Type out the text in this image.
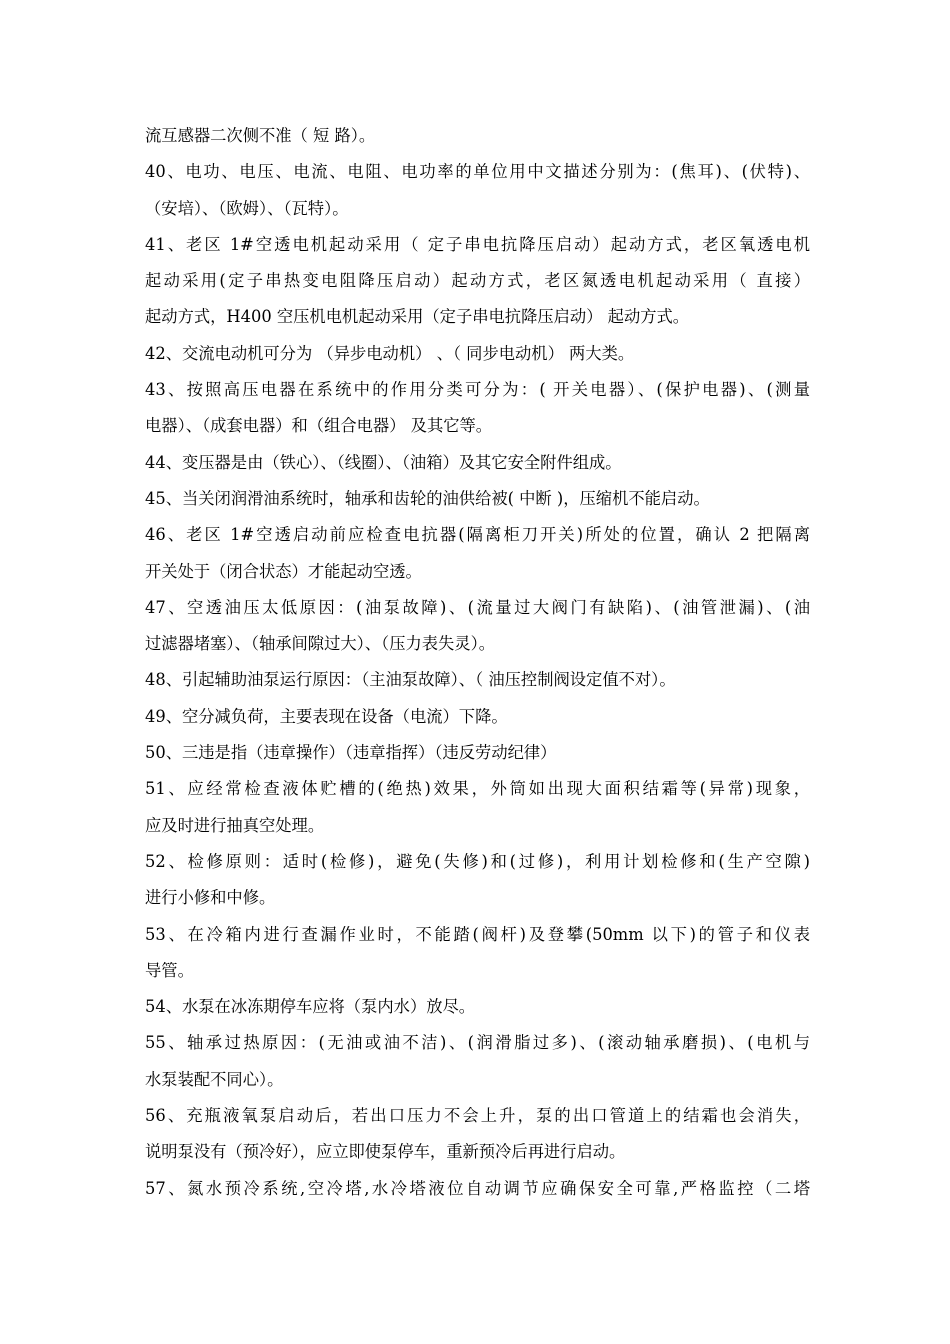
流互感器二次侧不准（ 短 路）。
40、电功、电压、电流、电阻、电功率的单位用中文描述分别为：(焦耳)、(伏特)、
（安培）、（欧姆）、（瓦特）。
41、老区 1#空透电机起动采用（ 定子串电抗降压启动）起动方式，老区氧透电机
起动采用(定子串热变电阻降压启动）起动方式，老区氮透电机起动采用（ 直接）
起动方式，H400 空压机电机起动采用（定子串电抗降压启动） 起动方式。
42、交流电动机可分为 （异步电动机） 、（ 同步电动机） 两大类。
43、按照高压电器在系统中的作用分类可分为：( 开关电器）、(保护电器)、(测量
电器）、（成套电器）和（组合电器） 及其它等。
44、变压器是由（铁心）、（线圈）、（油箱）及其它安全附件组成。
45、当关闭润滑油系统时，轴承和齿轮的油供给被( 中断 )，压缩机不能启动。
46、老区 1#空透启动前应检查电抗器(隔离柜刀开关)所处的位置，确认 2 把隔离
开关处于（闭合状态）才能起动空透。
47、空透油压太低原因：(油泵故障)、(流量过大阀门有缺陷)、(油管泄漏)、(油
过滤器堵塞）、（轴承间隙过大）、（压力表失灵）。
48、引起辅助油泵运行原因：（主油泵故障）、（ 油压控制阀设定值不对）。
49、空分减负荷，主要表现在设备（电流）下降。
50、三违是指（违章操作）（违章指挥）（违反劳动纪律）
51、应经常检查液体贮槽的(绝热)效果，外筒如出现大面积结霜等(异常)现象，
应及时进行抽真空处理。
52、检修原则：适时(检修)，避免(失修)和(过修)，利用计划检修和(生产空隙)
进行小修和中修。
53、在冷箱内进行查漏作业时，不能踏(阀杆)及登攀(50mm 以下)的管子和仪表
导管。
54、水泵在冰冻期停车应将（泵内水）放尽。
55、轴承过热原因：(无油或油不洁)、(润滑脂过多)、(滚动轴承磨损)、(电机与
水泵装配不同心）。
56、充瓶液氧泵启动后，若出口压力不会上升，泵的出口管道上的结霜也会消失，
说明泵没有（预冷好），应立即使泵停车，重新预冷后再进行启动。
57、氮水预冷系统,空冷塔,水冷塔液位自动调节应确保安全可靠,严格监控（二塔
